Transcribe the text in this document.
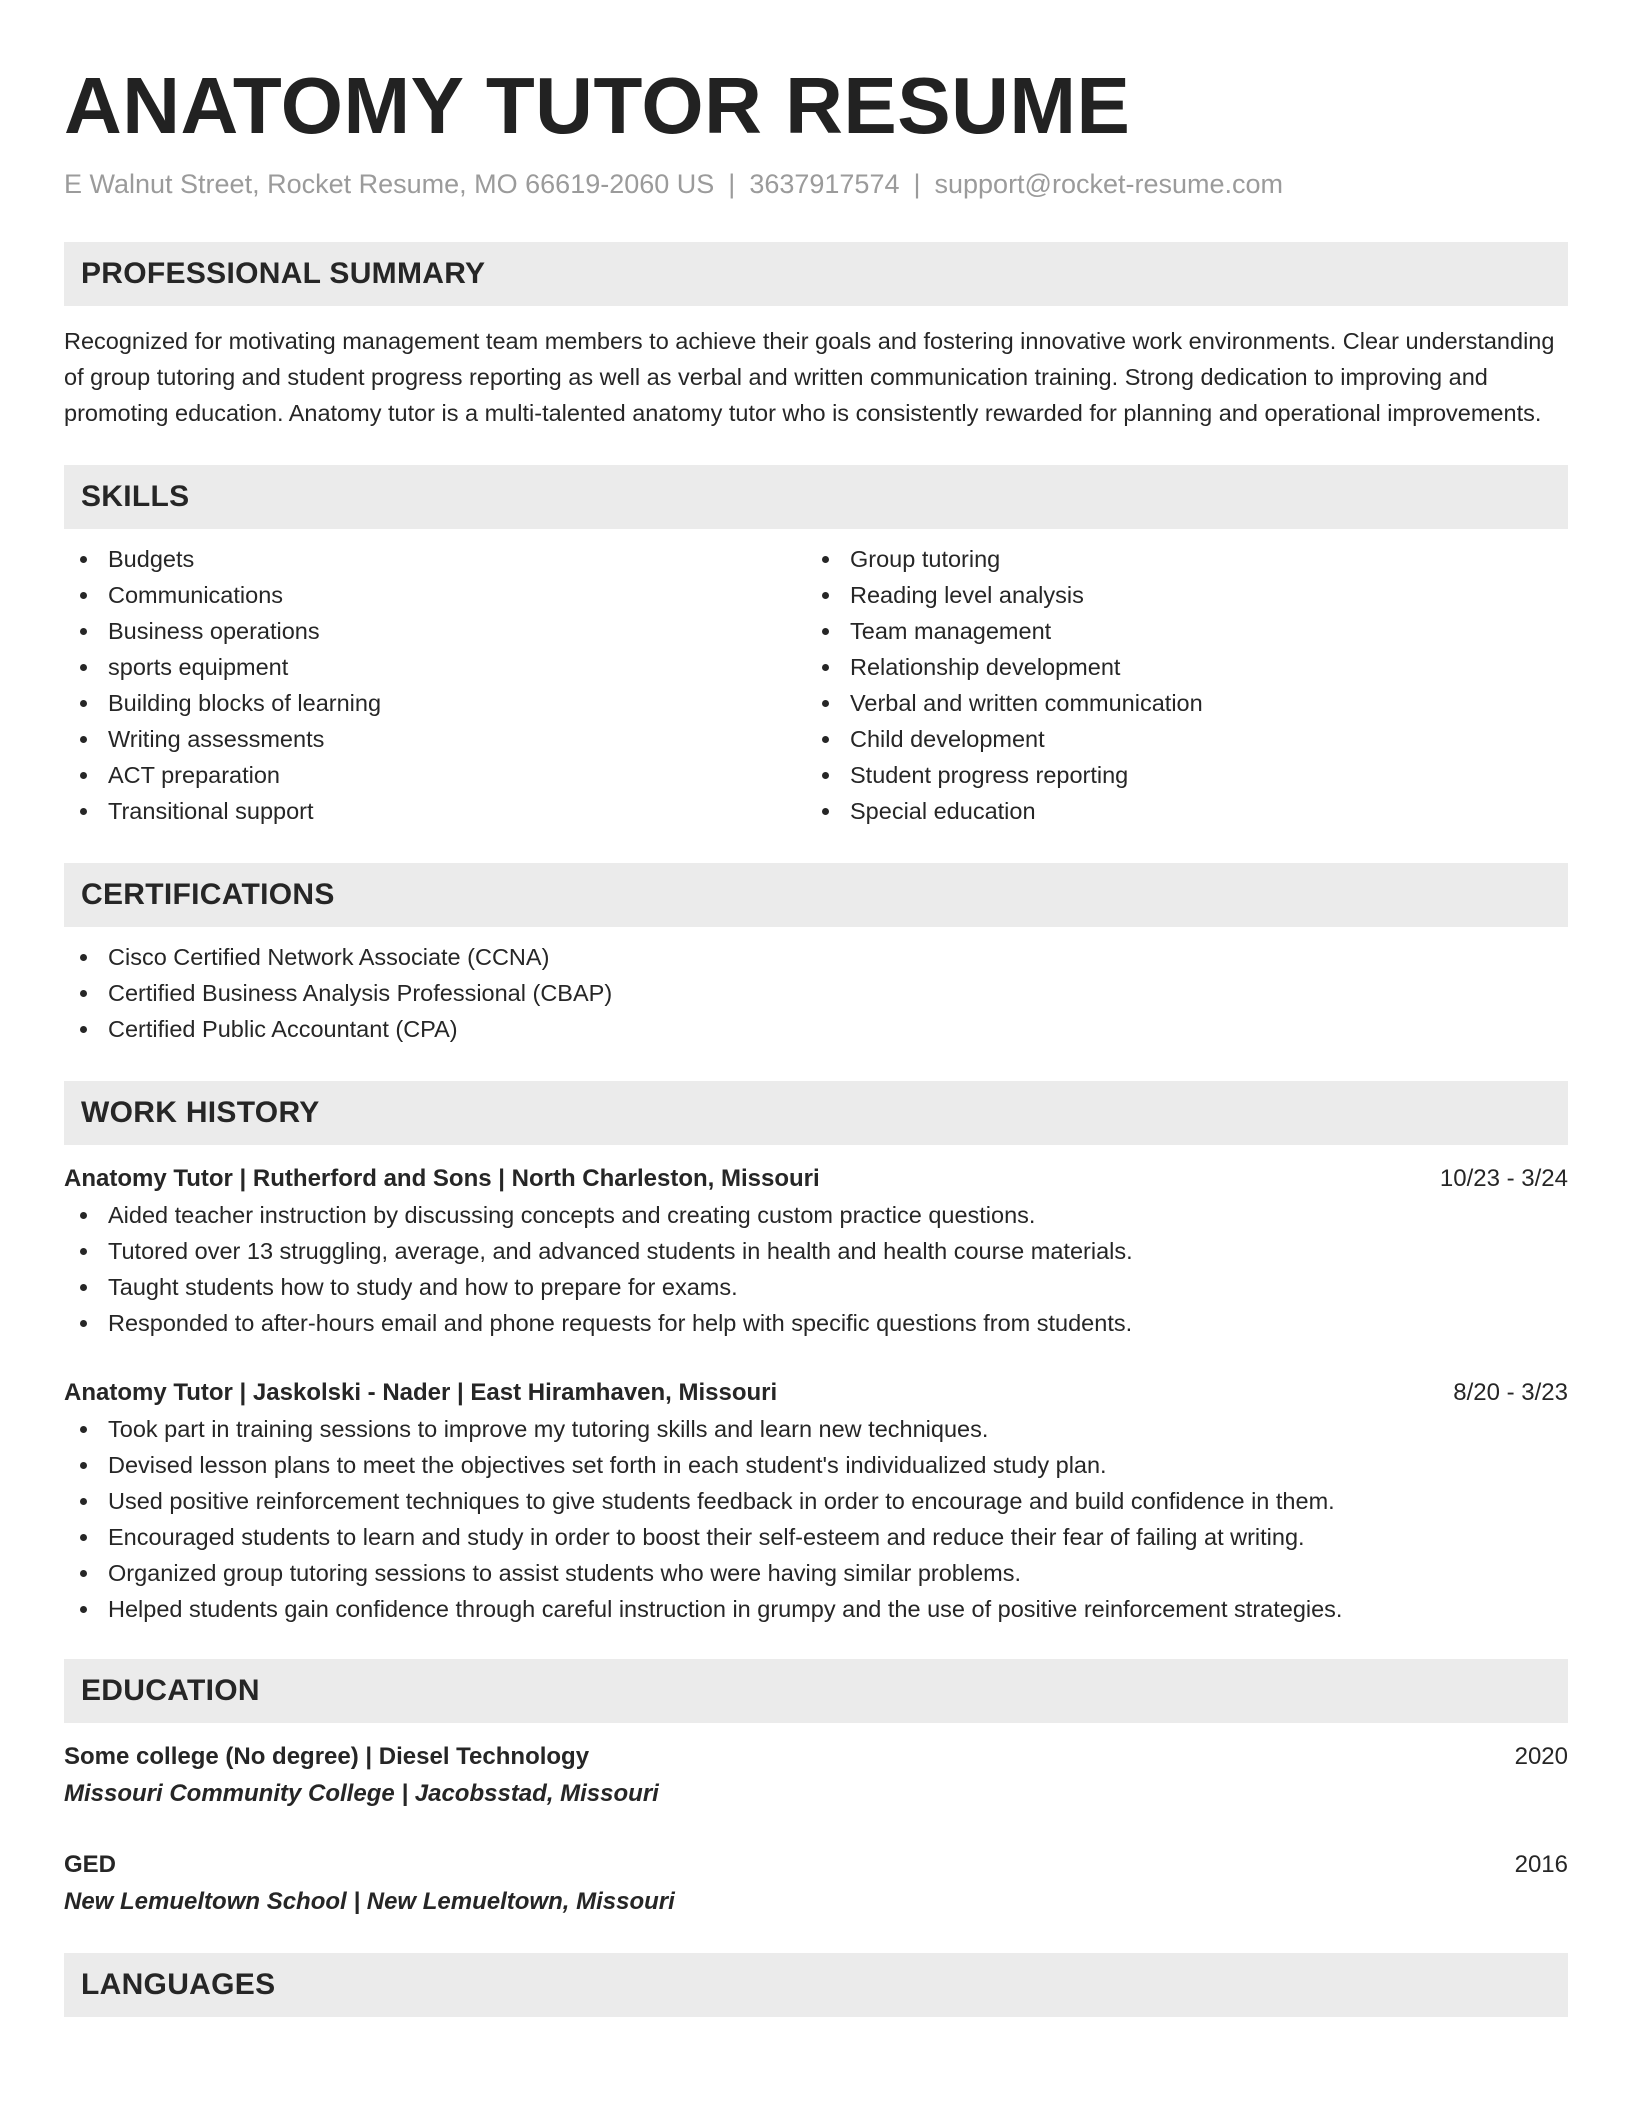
ANATOMY TUTOR RESUME
E Walnut Street, Rocket Resume, MO 66619-2060 US | 3637917574 | support@rocket-resume.com
PROFESSIONAL SUMMARY

Recognized for motivating management team members to achieve their goals and fostering innovative work environments. Clear understanding of group tutoring and student progress reporting as well as verbal and written communication training. Strong dedication to improving and promoting education. Anatomy tutor is a multi-talented anatomy tutor who is consistently rewarded for planning and operational improvements.

SKILLS
Budgets
Communications
Business operations
sports equipment
Building blocks of learning
Writing assessments
ACT preparation
Transitional support
Group tutoring
Reading level analysis
Team management
Relationship development
Verbal and written communication
Child development
Student progress reporting
Special education
CERTIFICATIONS
Cisco Certified Network Associate (CCNA)
Certified Business Analysis Professional (CBAP)
Certified Public Accountant (CPA)
WORK HISTORY
Anatomy Tutor | Rutherford and Sons | North Charleston, Missouri	10/23 - 3/24
Aided teacher instruction by discussing concepts and creating custom practice questions.
Tutored over 13 struggling, average, and advanced students in health and health course materials.
Taught students how to study and how to prepare for exams.
Responded to after-hours email and phone requests for help with specific questions from students.
Anatomy Tutor | Jaskolski - Nader | East Hiramhaven, Missouri	8/20 - 3/23
Took part in training sessions to improve my tutoring skills and learn new techniques.
Devised lesson plans to meet the objectives set forth in each student's individualized study plan.
Used positive reinforcement techniques to give students feedback in order to encourage and build confidence in them.
Encouraged students to learn and study in order to boost their self-esteem and reduce their fear of failing at writing.
Organized group tutoring sessions to assist students who were having similar problems.
Helped students gain confidence through careful instruction in grumpy and the use of positive reinforcement strategies.
EDUCATION
Some college (No degree) | Diesel Technology	2020
Missouri Community College | Jacobsstad, Missouri
GED	2016
New Lemueltown School | New Lemueltown, Missouri
LANGUAGES
